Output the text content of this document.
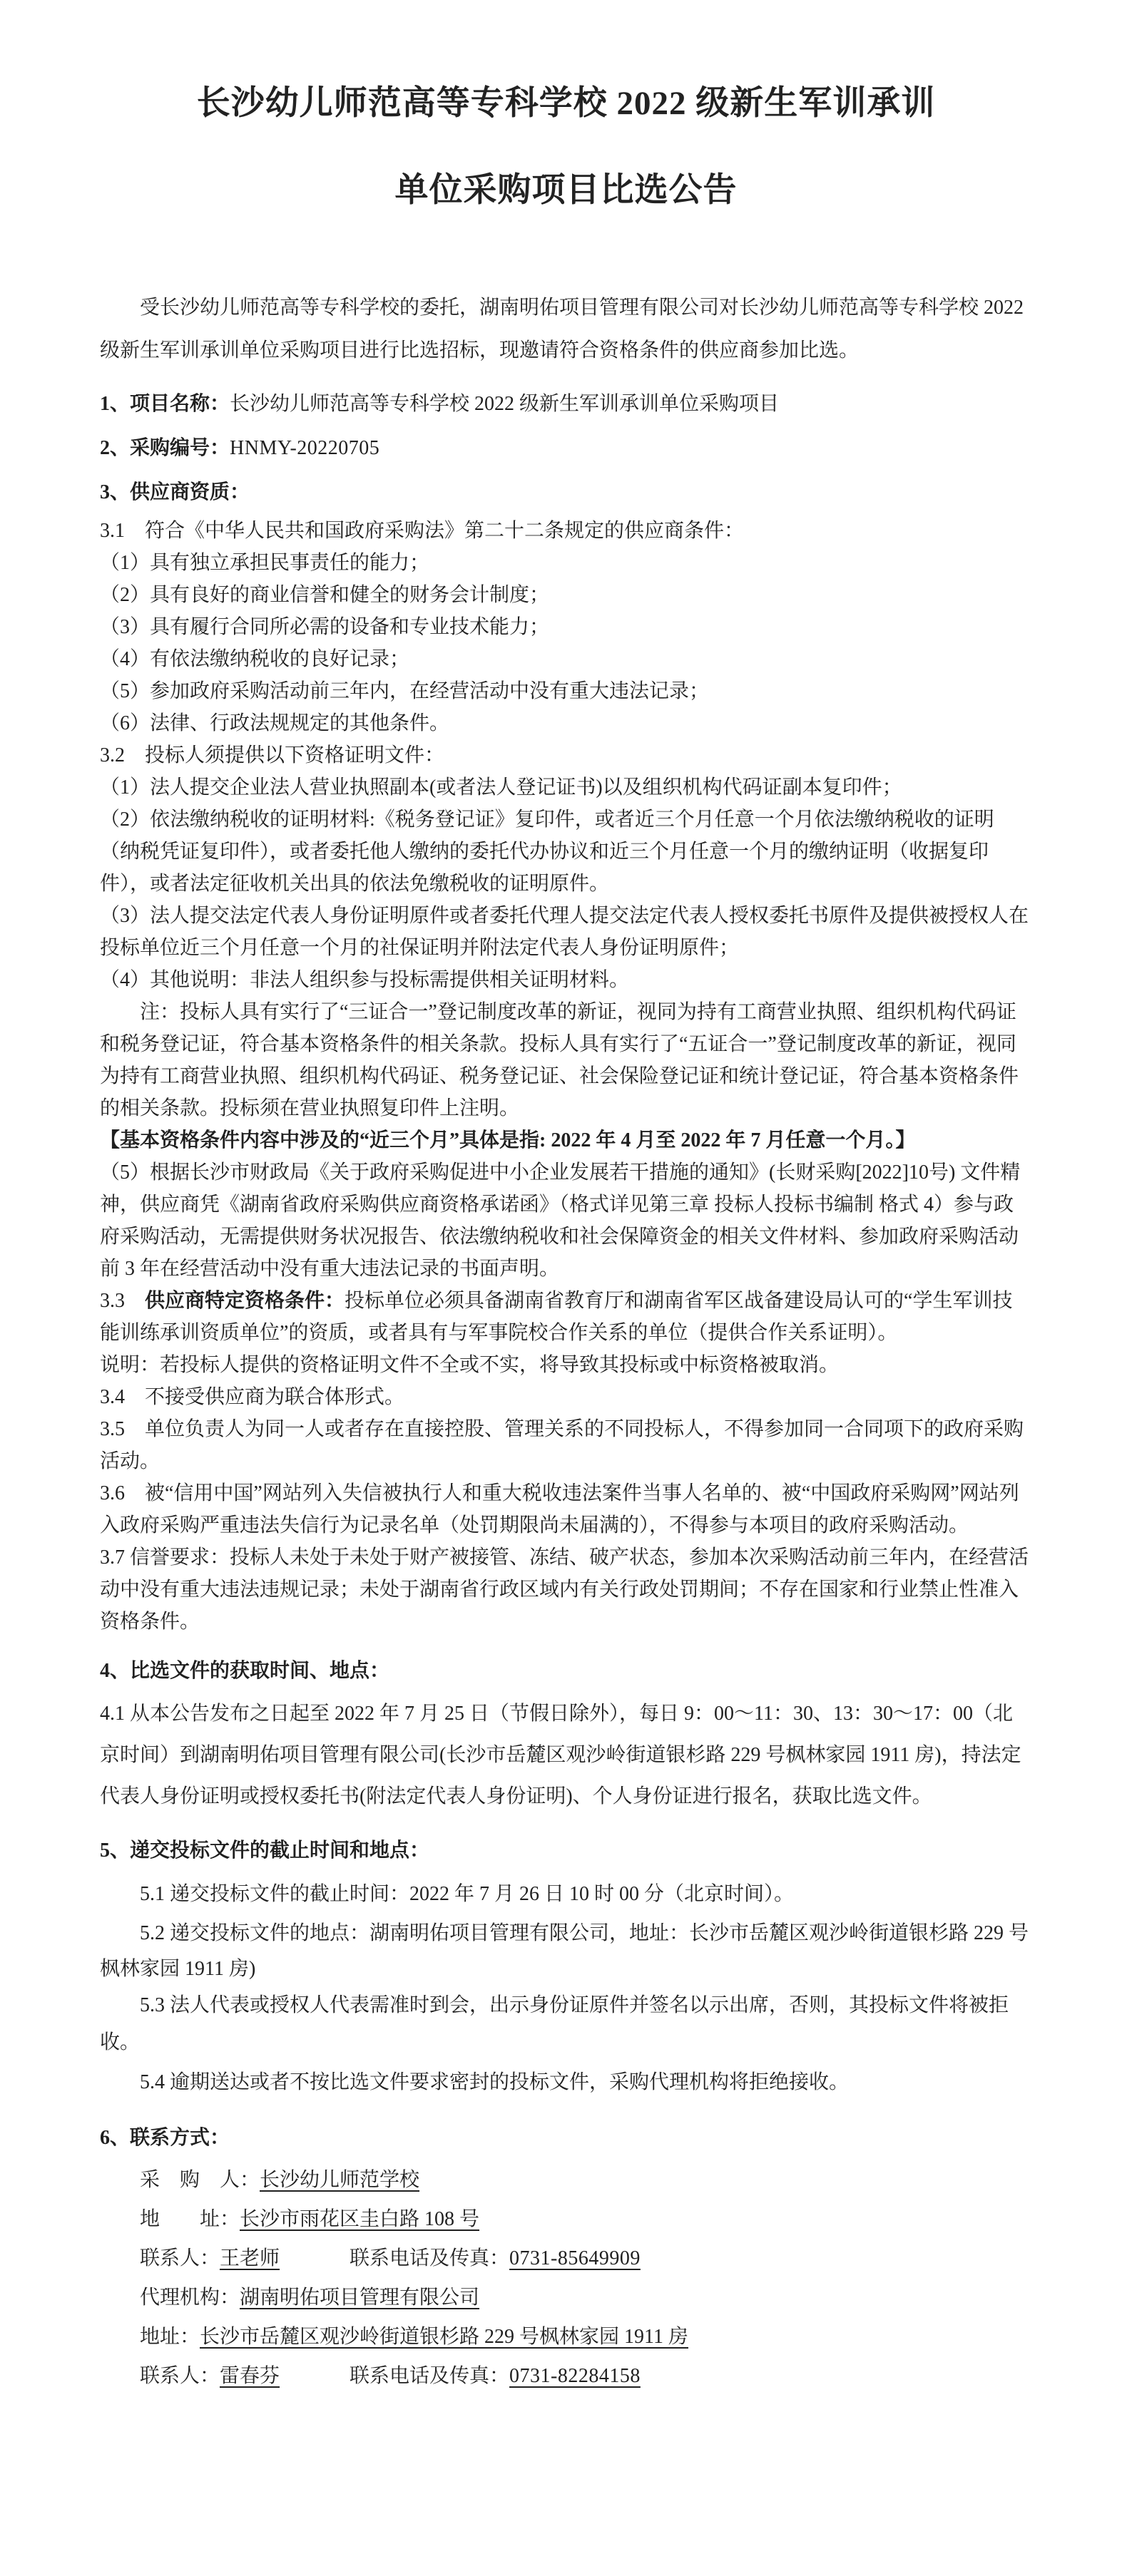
长沙幼儿师范高等专科学校 2022 级新生军训承训
单位采购项目比选公告

受长沙幼儿师范高等专科学校的委托，湖南明佑项目管理有限公司对长沙幼儿师范高等专科学校 2022 级新生军训承训单位采购项目进行比选招标，现邀请符合资格条件的供应商参加比选。

1、项目名称：长沙幼儿师范高等专科学校 2022 级新生军训承训单位采购项目

2、采购编号：HNMY-20220705

3、供应商资质：

3.1　符合《中华人民共和国政府采购法》第二十二条规定的供应商条件：

（1）具有独立承担民事责任的能力；

（2）具有良好的商业信誉和健全的财务会计制度；

（3）具有履行合同所必需的设备和专业技术能力；

（4）有依法缴纳税收的良好记录；

（5）参加政府采购活动前三年内，在经营活动中没有重大违法记录；

（6）法律、行政法规规定的其他条件。

3.2　投标人须提供以下资格证明文件：

（1）法人提交企业法人营业执照副本(或者法人登记证书)以及组织机构代码证副本复印件；

（2）依法缴纳税收的证明材料:《税务登记证》复印件，或者近三个月任意一个月依法缴纳税收的证明（纳税凭证复印件），或者委托他人缴纳的委托代办协议和近三个月任意一个月的缴纳证明（收据复印件），或者法定征收机关出具的依法免缴税收的证明原件。

（3）法人提交法定代表人身份证明原件或者委托代理人提交法定代表人授权委托书原件及提供被授权人在投标单位近三个月任意一个月的社保证明并附法定代表人身份证明原件；

（4）其他说明：非法人组织参与投标需提供相关证明材料。

注：投标人具有实行了“三证合一”登记制度改革的新证，视同为持有工商营业执照、组织机构代码证和税务登记证，符合基本资格条件的相关条款。投标人具有实行了“五证合一”登记制度改革的新证，视同为持有工商营业执照、组织机构代码证、税务登记证、社会保险登记证和统计登记证，符合基本资格条件的相关条款。投标须在营业执照复印件上注明。

【基本资格条件内容中涉及的“近三个月”具体是指: 2022 年 4 月至 2022 年 7 月任意一个月。】

（5）根据长沙市财政局《关于政府采购促进中小企业发展若干措施的通知》(长财采购[2022]10号) 文件精神，供应商凭《湖南省政府采购供应商资格承诺函》（格式详见第三章 投标人投标书编制 格式 4）参与政府采购活动，无需提供财务状况报告、依法缴纳税收和社会保障资金的相关文件材料、参加政府采购活动前 3 年在经营活动中没有重大违法记录的书面声明。

3.3　供应商特定资格条件：投标单位必须具备湖南省教育厅和湖南省军区战备建设局认可的“学生军训技能训练承训资质单位”的资质，或者具有与军事院校合作关系的单位（提供合作关系证明）。

说明：若投标人提供的资格证明文件不全或不实，将导致其投标或中标资格被取消。

3.4　不接受供应商为联合体形式。

3.5　单位负责人为同一人或者存在直接控股、管理关系的不同投标人，不得参加同一合同项下的政府采购活动。

3.6　被“信用中国”网站列入失信被执行人和重大税收违法案件当事人名单的、被“中国政府采购网”网站列入政府采购严重违法失信行为记录名单（处罚期限尚未届满的），不得参与本项目的政府采购活动。

3.7 信誉要求：投标人未处于未处于财产被接管、冻结、破产状态，参加本次采购活动前三年内，在经营活动中没有重大违法违规记录；未处于湖南省行政区域内有关行政处罚期间；不存在国家和行业禁止性准入资格条件。

4、比选文件的获取时间、地点：

4.1 从本公告发布之日起至 2022 年 7 月 25 日（节假日除外），每日 9：00～11：30、13：30～17：00（北京时间）到湖南明佑项目管理有限公司(长沙市岳麓区观沙岭街道银杉路 229 号枫林家园 1911 房)，持法定代表人身份证明或授权委托书(附法定代表人身份证明)、个人身份证进行报名，获取比选文件。

5、递交投标文件的截止时间和地点：

5.1 递交投标文件的截止时间：2022 年 7 月 26 日 10 时 00 分（北京时间）。

5.2 递交投标文件的地点：湖南明佑项目管理有限公司，地址：长沙市岳麓区观沙岭街道银杉路 229 号枫林家园 1911 房)

5.3 法人代表或授权人代表需准时到会，出示身份证原件并签名以示出席，否则，其投标文件将被拒收。

5.4 逾期送达或者不按比选文件要求密封的投标文件，采购代理机构将拒绝接收。

6、联系方式：

采　购　人：长沙幼儿师范学校

地　　址：长沙市雨花区圭白路 108 号

联系人：王老师	联系电话及传真：0731-85649909

代理机构：湖南明佑项目管理有限公司

地址：长沙市岳麓区观沙岭街道银杉路 229 号枫林家园 1911 房

联系人：雷春芬	联系电话及传真：0731-82284158
